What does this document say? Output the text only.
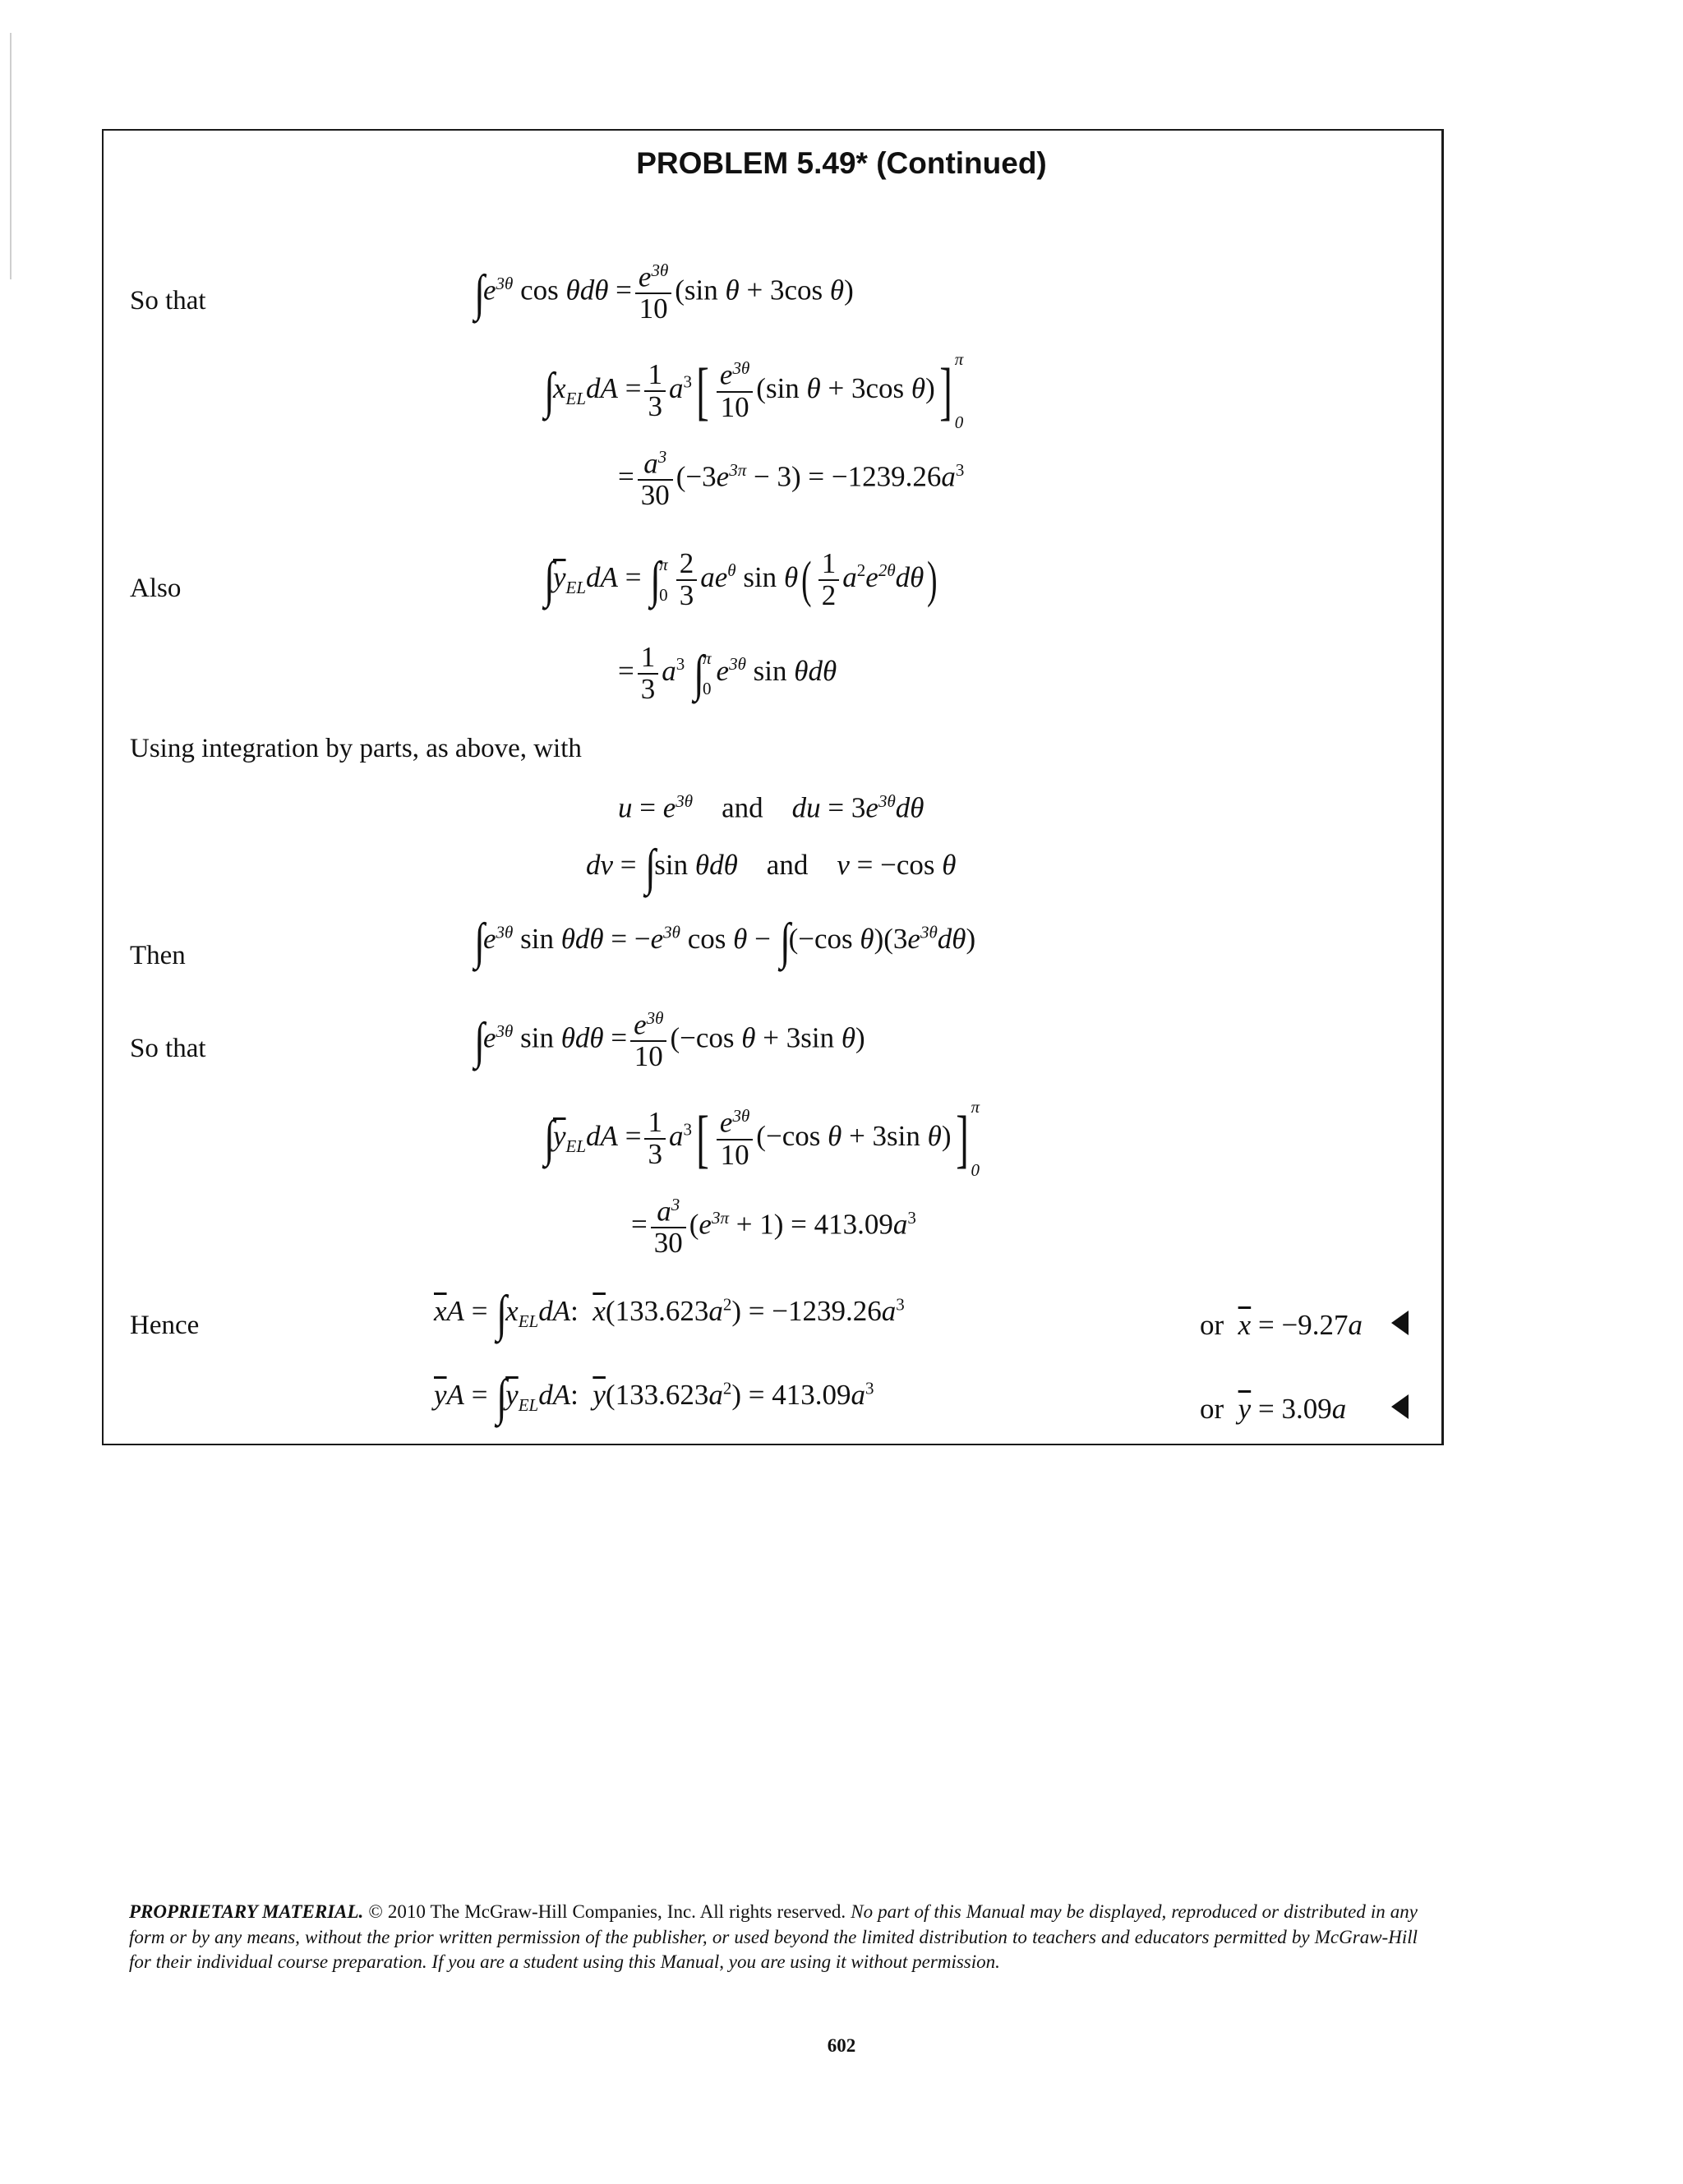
PROBLEM 5.49* (Continued)
So that	$\int e^{3\theta}$ $\cos \theta d\theta = \frac{e^{3\theta}}{10} (\sin$ θ + 3cos θ)
$\int x_{EL}dA = \frac{1}{3} a^3[ \frac{e^{3\theta}}{10} (\sin$ θ + 3cos θ)] π
0
= $\frac{a^3}{30} (-3e^{3\pi} - 3) = -1239.26a^3$
Also	$\int\overline{y}_{EL}dA$ = ∫
π
$0 \frac{2}{3} ae^\theta$ $\sin \theta( \frac{1}{2} a^2e^{2\theta}d\theta)$
= $\frac{1}{3} a^3$ ∫
π
0
$e^{3\theta}$ sin θdθ
Using integration by parts, as above, with
$u = e^{3\theta}$ and du = $3e^{3\theta}d\theta$
dv = ∫sin θdθ and v = −cos θ
Then	$\int e^{3\theta}$ $\sin \theta d\theta = -e^{3\theta}$ cos θ − ∫(−cos $\theta)(3e^{3\theta}d\theta)$
So that	$\int e^{3\theta}$ $\sin \theta d\theta = \frac{e^{3\theta}}{10} (-\cos$ θ + 3sin θ)
$\int\overline{y}_{EL}dA = \frac{1}{3} a^3[ \frac{e^{3\theta}}{10} (-\cos$ θ + 3sin θ)] π
0
= $\frac{a^3}{30} (e^{3\pi} + 1) = 413.09a^3$
Hence	$\overline{x}A = \int x_{EL}dA$:  $\overline{x}(133.623a^2) = -1239.26a^3$
or $\overline{x} = -9.27a$
$\overline{y}A = \int\overline{y}_{EL}dA$:  $\overline{y}(133.623a^2) = 413.09a^3$
or $\overline{y} = 3.09a$
PROPRIETARY MATERIAL. © 2010 The McGraw-Hill Companies, Inc. All rights reserved. No part of this Manual may be displayed, reproduced or distributed in any form or by any means, without the prior written permission of the publisher, or used beyond the limited distribution to teachers and educators permitted by McGraw-Hill for their individual course preparation. If you are a student using this Manual, you are using it without permission.
602
